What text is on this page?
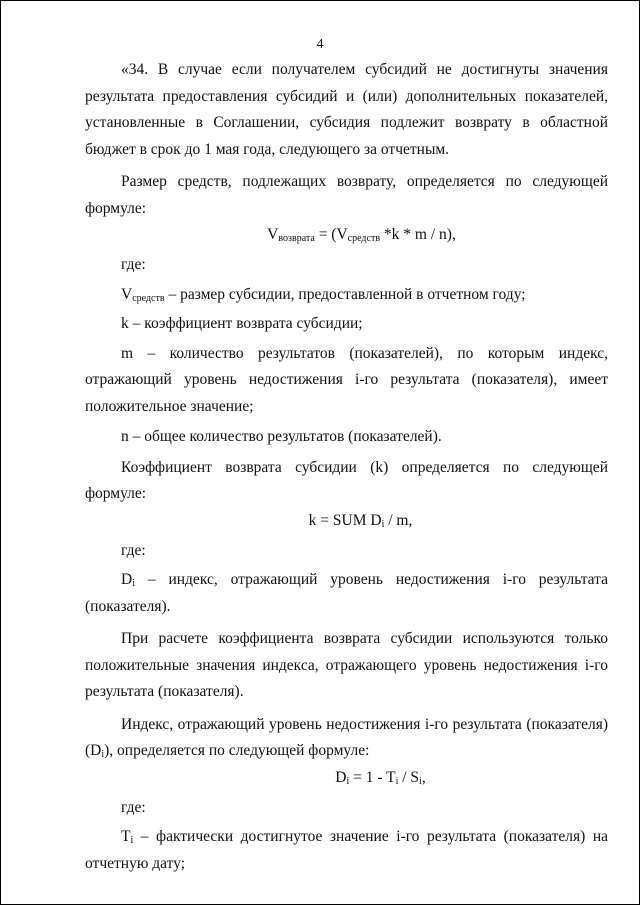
4

«34. В случае если получателем субсидий не достигнуты значения результата предоставления субсидий и (или) дополнительных показателей, установленные в Соглашении, субсидия подлежит возврату в областной бюджет в срок до 1 мая года, следующего за отчетным.

Размер средств, подлежащих возврату, определяется по следующей формуле:

$V_{возврата} = (V_{средств}$ *k * m / n),

где:

$V_{средств}$ – размер субсидии, предоставленной в отчетном году;

k – коэффициент возврата субсидии;

m – количество результатов (показателей), по которым индекс, отражающий уровень недостижения i-го результата (показателя), имеет положительное значение;

n – общее количество результатов (показателей).

Коэффициент возврата субсидии (k) определяется по следующей формуле:

k = SUM $D_i$ / m,

где:

$D_i$ – индекс, отражающий уровень недостижения i-го результата (показателя).

При расчете коэффициента возврата субсидии используются только положительные значения индекса, отражающего уровень недостижения i-го результата (показателя).

Индекс, отражающий уровень недостижения i-го результата (показателя) $(D_i)$, определяется по следующей формуле:

$D_i = 1 - T_i / S_i$,

где:

$T_i$ – фактически достигнутое значение i-го результата (показателя) на отчетную дату;
